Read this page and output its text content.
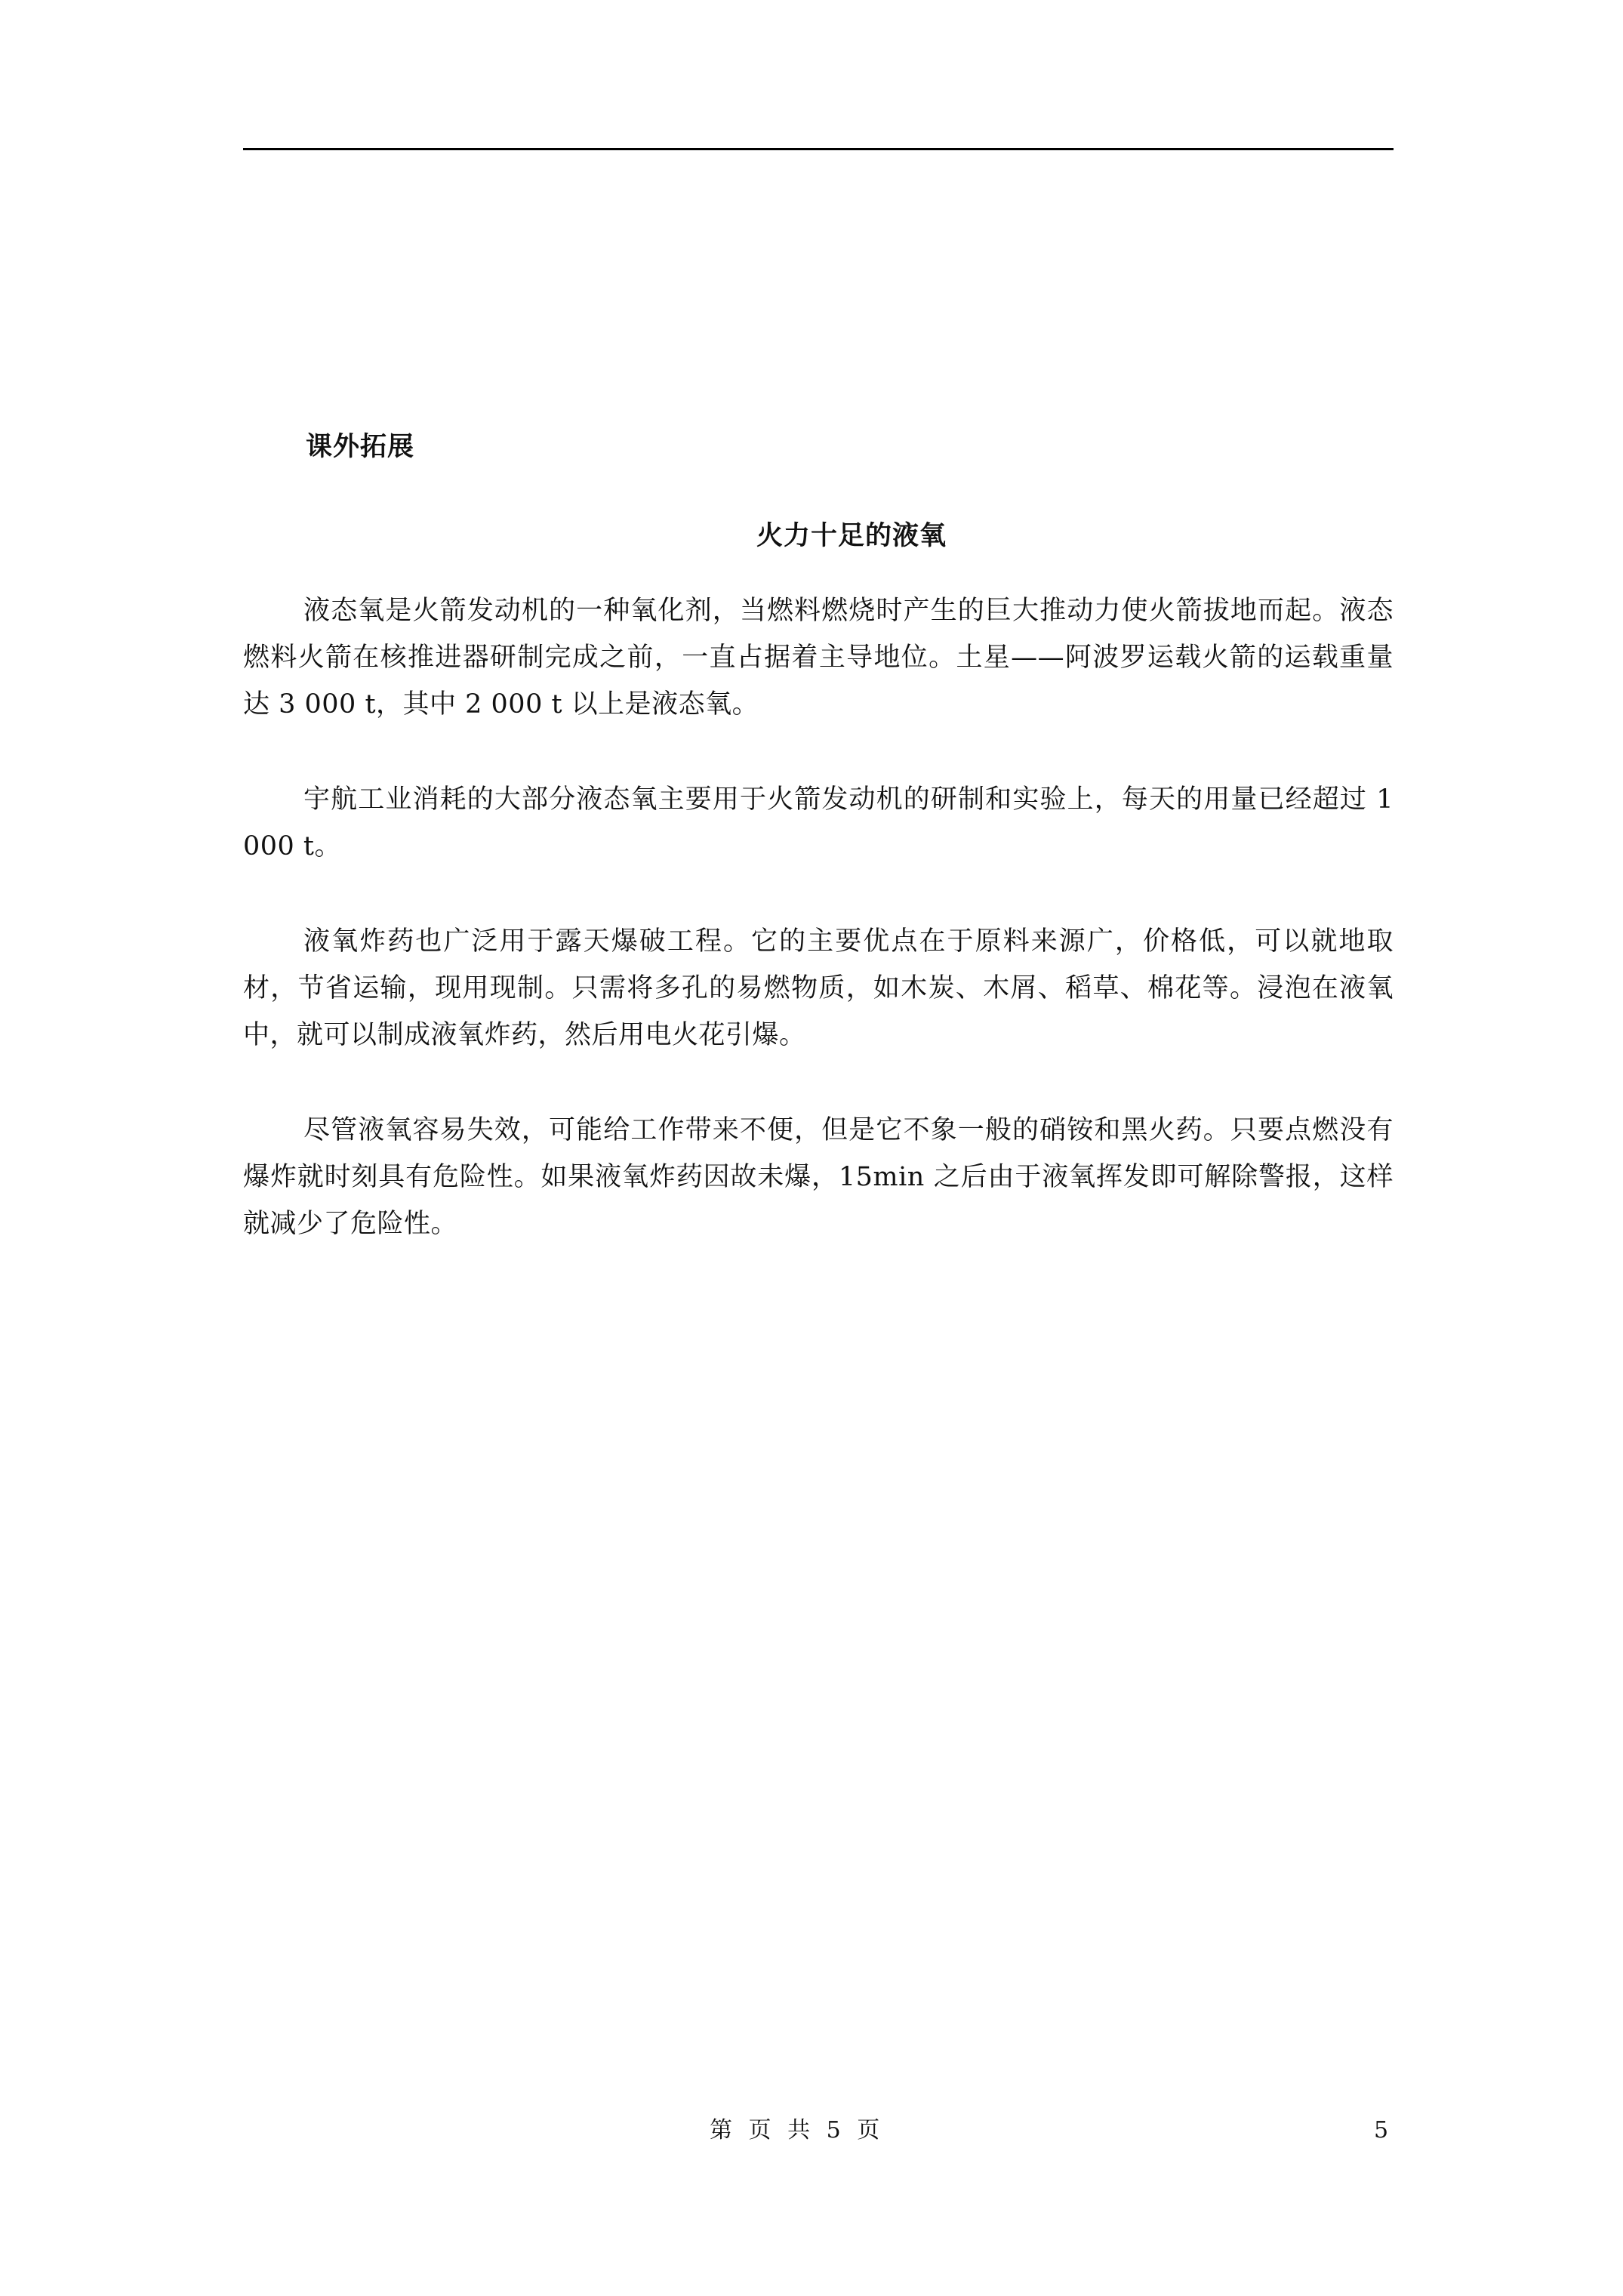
课外拓展
火力十足的液氧

液态氧是火箭发动机的一种氧化剂，当燃料燃烧时产生的巨大推动力使火箭拔地而起。液态燃料火箭在核推进器研制完成之前，一直占据着主导地位。土星——阿波罗运载火箭的运载重量达 3 000 t，其中 2 000 t 以上是液态氧。

宇航工业消耗的大部分液态氧主要用于火箭发动机的研制和实验上，每天的用量已经超过 1 000 t。

液氧炸药也广泛用于露天爆破工程。它的主要优点在于原料来源广，价格低，可以就地取材，节省运输，现用现制。只需将多孔的易燃物质，如木炭、木屑、稻草、棉花等。浸泡在液氧中，就可以制成液氧炸药，然后用电火花引爆。

尽管液氧容易失效，可能给工作带来不便，但是它不象一般的硝铵和黑火药。只要点燃没有爆炸就时刻具有危险性。如果液氧炸药因故未爆，15min 之后由于液氧挥发即可解除警报，这样就减少了危险性。

第 页 共 5 页	5
